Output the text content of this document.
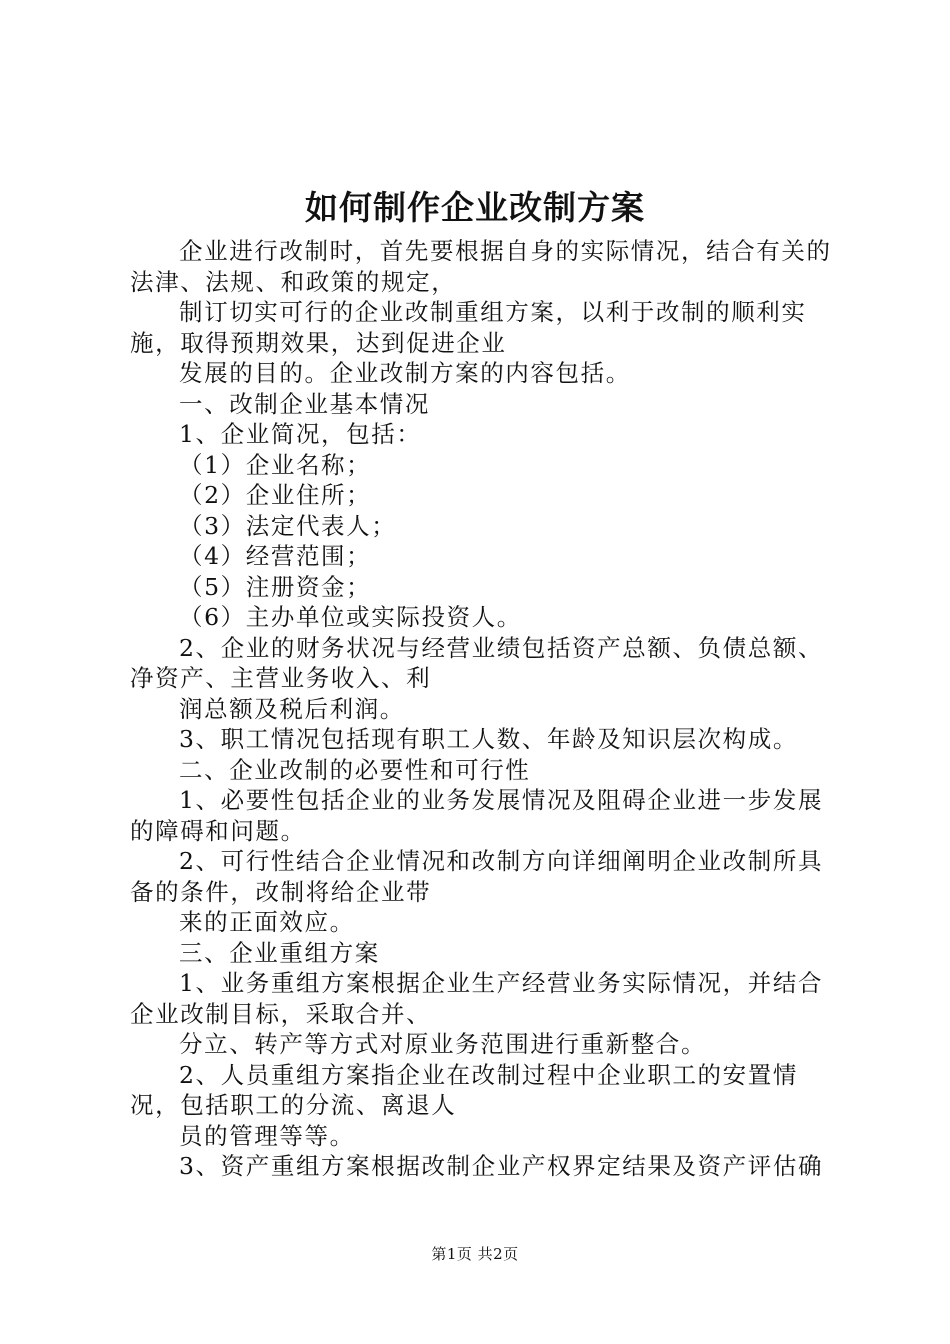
如何制作企业改制方案

企业进行改制时，首先要根据自身的实际情况，结合有关的法津、法规、和政策的规定，

制订切实可行的企业改制重组方案，以利于改制的顺利实施，取得预期效果，达到促进企业

发展的目的。企业改制方案的内容包括。

一、改制企业基本情况

1、企业简况，包括：

（1）企业名称；

（2）企业住所；

（3）法定代表人；

（4）经营范围；

（5）注册资金；

（6）主办单位或实际投资人。

2、企业的财务状况与经营业绩包括资产总额、负债总额、净资产、主营业务收入、利

润总额及税后利润。

3、职工情况包括现有职工人数、年龄及知识层次构成。

二、企业改制的必要性和可行性

1、必要性包括企业的业务发展情况及阻碍企业进一步发展的障碍和问题。

2、可行性结合企业情况和改制方向详细阐明企业改制所具备的条件，改制将给企业带

来的正面效应。

三、企业重组方案

1、业务重组方案根据企业生产经营业务实际情况，并结合企业改制目标，采取合并、

分立、转产等方式对原业务范围进行重新整合。

2、人员重组方案指企业在改制过程中企业职工的安置情况，包括职工的分流、离退人

员的管理等等。

3、资产重组方案根据改制企业产权界定结果及资产评估确

第1页 共2页
